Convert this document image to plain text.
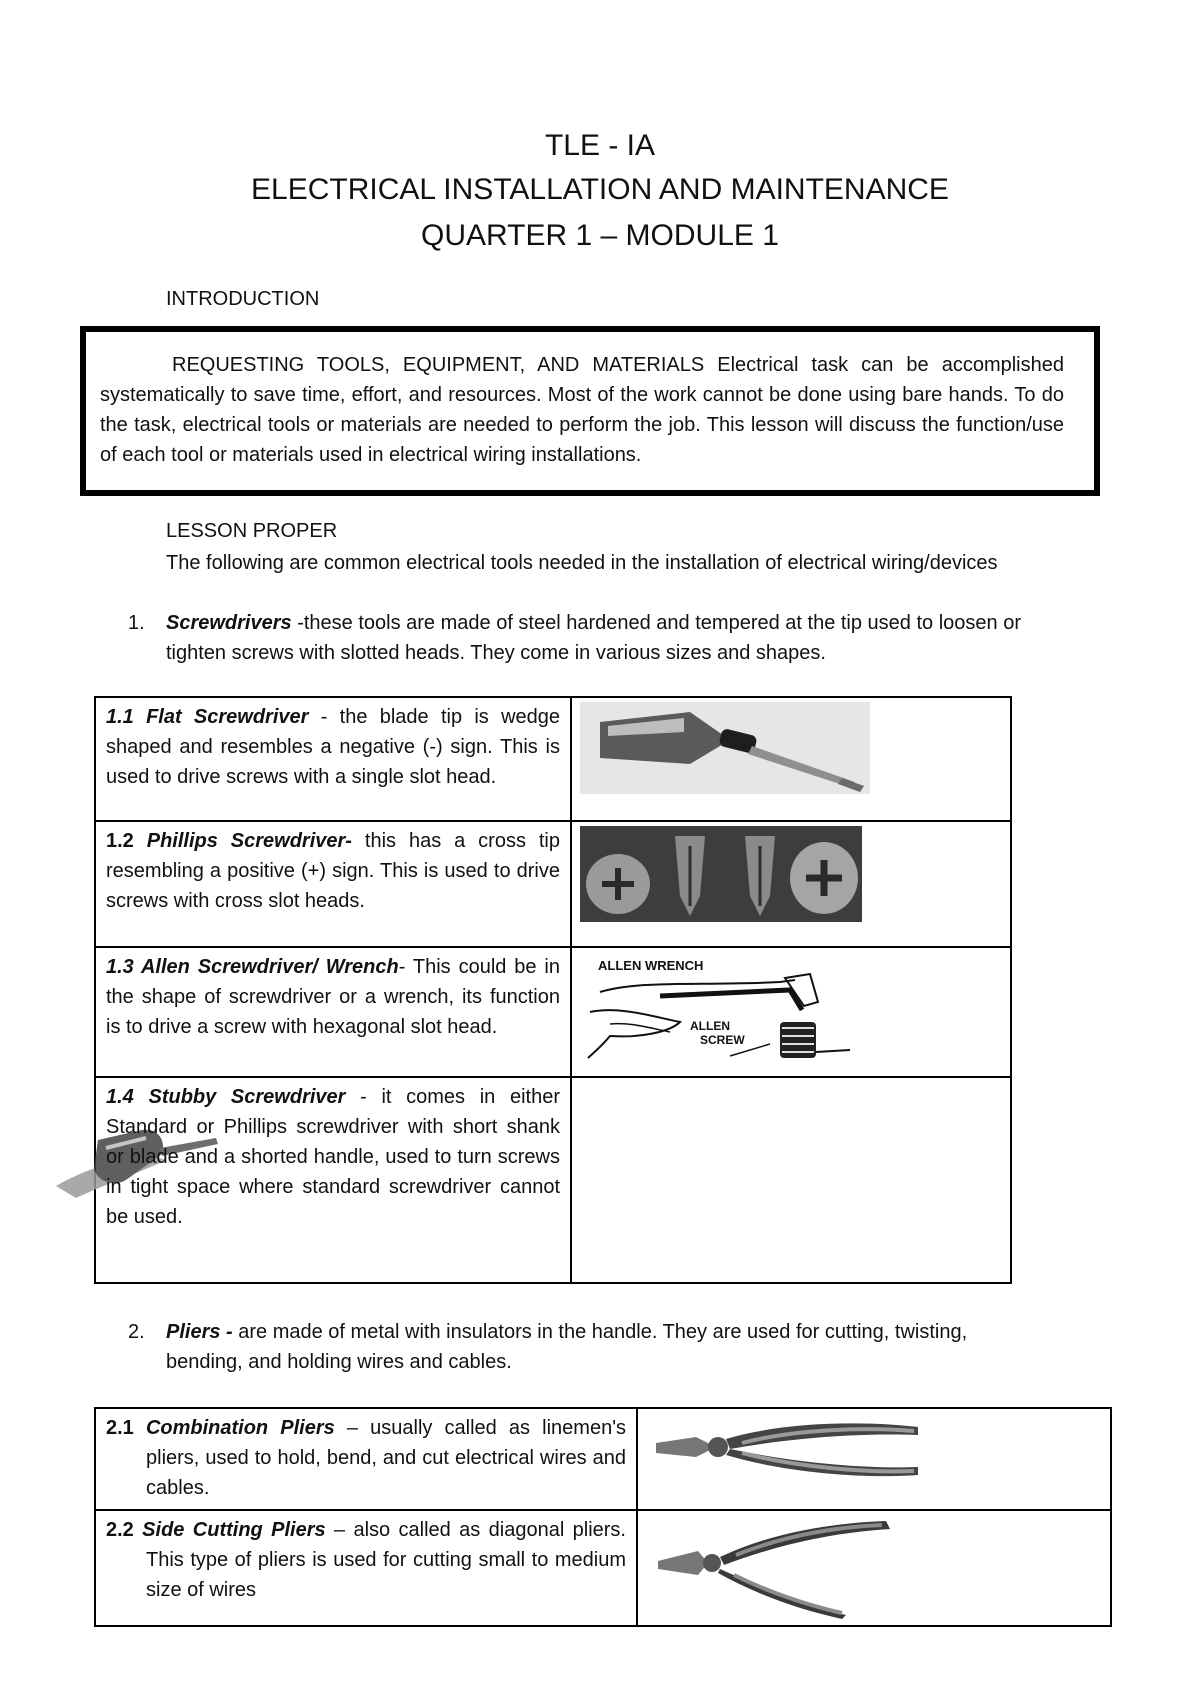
TLE - IA
ELECTRICAL INSTALLATION AND MAINTENANCE
QUARTER 1 – MODULE 1
INTRODUCTION

REQUESTING TOOLS, EQUIPMENT, AND MATERIALS Electrical task can be accomplished systematically to save time, effort, and resources. Most of the work cannot be done using bare hands. To do the task, electrical tools or materials are needed to perform the job. This lesson will discuss the function/use of each tool or materials used in electrical wiring installations.

LESSON PROPER

The following are common electrical tools needed in the installation of electrical wiring/devices

1. Screwdrivers -these tools are made of steel hardened and tempered at the tip used to loosen or tighten screws with slotted heads. They come in various sizes and shapes.
1.1 Flat Screwdriver - the blade tip is wedge shaped and resembles a negative (-) sign. This is used to drive screws with a single slot head.	

1.2 Phillips Screwdriver- this has a cross tip resembling a positive (+) sign. This is used to drive screws with cross slot heads.	

1.3 Allen Screwdriver/ Wrench- This could be in the shape of screwdriver or a wrench, its function is to drive a screw with hexagonal slot head.	ALLEN WRENCH
ALLEN
SCREW

1.4 Stubby Screwdriver - it comes in either Standard or Phillips screwdriver with short shank or blade and a shorted handle, used to turn screws in tight space where standard screwdriver cannot be used.	
2. Pliers - are made of metal with insulators in the handle. They are used for cutting, twisting, bending, and holding wires and cables.
2.1 Combination Pliers – usually called as linemen's pliers, used to hold, bend, and cut electrical wires and cables.	

2.2 Side Cutting Pliers – also called as diagonal pliers. This type of pliers is used for cutting small to medium size of wires	
